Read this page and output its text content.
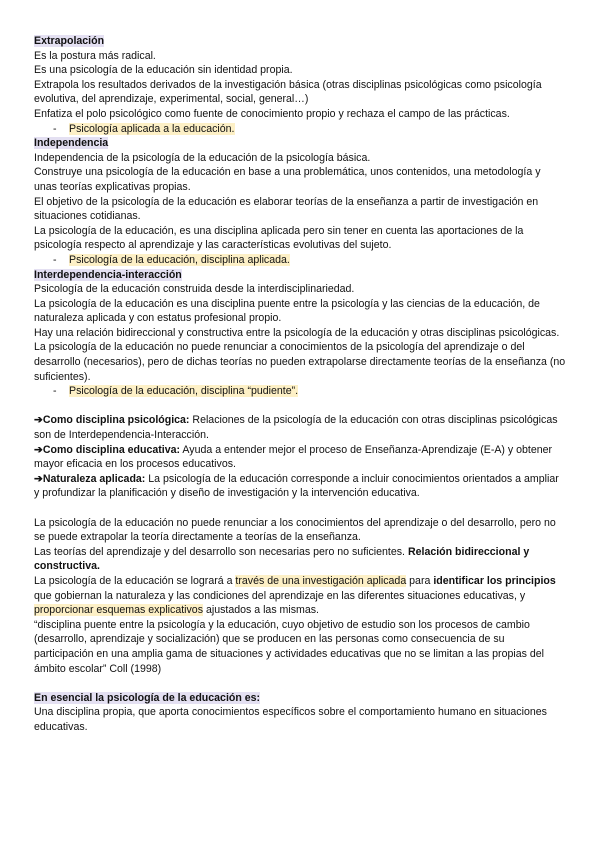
Extrapolación
Es la postura más radical.
Es una psicología de la educación sin identidad propia.
Extrapola los resultados derivados de la investigación básica (otras disciplinas psicológicas como psicología evolutiva, del aprendizaje, experimental, social, general…)
Enfatiza el polo psicológico como fuente de conocimiento propio y rechaza el campo de las prácticas.
- Psicología aplicada a la educación.
Independencia
Independencia de la psicología de la educación de la psicología básica.
Construye una psicología de la educación en base a una problemática, unos contenidos, una metodología y unas teorías explicativas propias.
El objetivo de la psicología de la educación es elaborar teorías de la enseñanza a partir de investigación en situaciones cotidianas.
La psicología de la educación, es una disciplina aplicada pero sin tener en cuenta las aportaciones de la psicología respecto al aprendizaje y las características evolutivas del sujeto.
- Psicología de la educación, disciplina aplicada.
Interdependencia-interacción
Psicología de la educación construida desde la interdisciplinariedad.
La psicología de la educación es una disciplina puente entre la psicología y las ciencias de la educación, de naturaleza aplicada y con estatus profesional propio.
Hay una relación bidireccional y constructiva entre la psicología de la educación y otras disciplinas psicológicas.
La psicología de la educación no puede renunciar a conocimientos de la psicología del aprendizaje o del desarrollo (necesarios), pero de dichas teorías no pueden extrapolarse directamente teorías de la enseñanza (no suficientes).
- Psicología de la educación, disciplina “pudiente”.
➔Como disciplina psicológica: Relaciones de la psicología de la educación con otras disciplinas psicológicas son de Interdependencia-Interacción.
➔Como disciplina educativa: Ayuda a entender mejor el proceso de Enseñanza-Aprendizaje (E-A) y obtener mayor eficacia en los procesos educativos.
➔Naturaleza aplicada: La psicología de la educación corresponde a incluir conocimientos orientados a ampliar y profundizar la planificación y diseño de investigación y la intervención educativa.
La psicología de la educación no puede renunciar a los conocimientos del aprendizaje o del desarrollo, pero no se puede extrapolar la teoría directamente a teorías de la enseñanza.
Las teorías del aprendizaje y del desarrollo son necesarias pero no suficientes. Relación bidireccional y constructiva.
La psicología de la educación se logrará a través de una investigación aplicada para identificar los principios que gobiernan la naturaleza y las condiciones del aprendizaje en las diferentes situaciones educativas, y proporcionar esquemas explicativos ajustados a las mismas.
“disciplina puente entre la psicología y la educación, cuyo objetivo de estudio son los procesos de cambio (desarrollo, aprendizaje y socialización) que se producen en las personas como consecuencia de su participación en una amplia gama de situaciones y actividades educativas que no se limitan a las propias del ámbito escolar” Coll (1998)
En esencial la psicología de la educación es:
Una disciplina propia, que aporta conocimientos específicos sobre el comportamiento humano en situaciones educativas.
